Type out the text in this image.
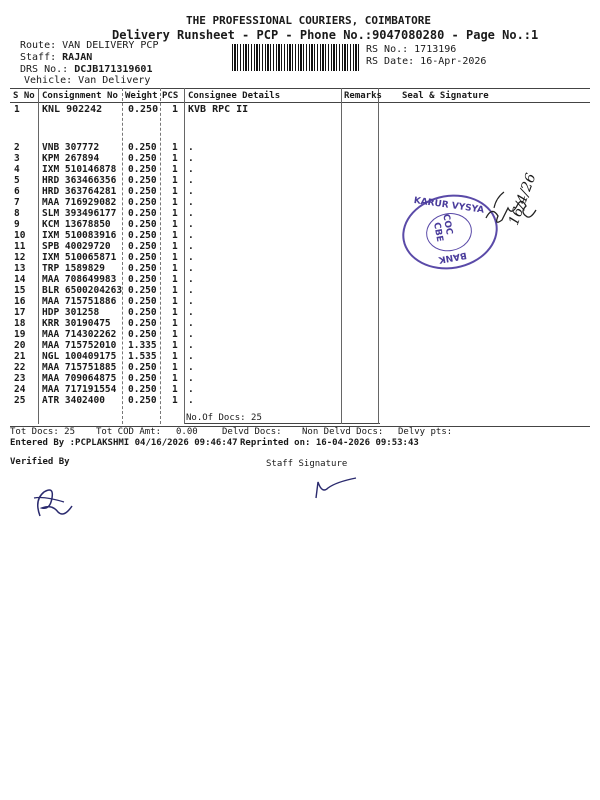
THE PROFESSIONAL COURIERS, COIMBATORE
Delivery Runsheet - PCP - Phone No.:9047080280 - Page No.:1
Route: VAN DELIVERY PCP
Staff: RAJAN
DRS No.: DCJB171319601
Vehicle: Van Delivery
RS No.: 1713196
RS Date: 16-Apr-2026
S No Consignment No Weight PCS Consignee Details	Remarks Seal & Signature
1 KNL 902242	0.250 1 KVB RPC II
2 VNB 307772	0.250 1 .
3 KPM 267894	0.250 1 .
4 IXM 510146878 0.250 1 .
5 HRD 363466356 0.250 1 .
6 HRD 363764281 0.250 1 .
7 MAA 716929082 0.250 1 .
8 SLM 393496177 0.250 1 .
9 KCM 13678850 0.250 1 .
10 IXM 510083916 0.250 1 .
11 SPB 40029720 0.250 1 .
12 IXM 510065871 0.250 1 .
13 TRP 1589829 0.250 1 .
14 MAA 708649983 0.250 1 .
15 BLR 6500204263 0.250 1 .
16 MAA 715751886 0.250 1 .
17 HDP 301258	0.250 1 .
18 KRR 30190475 0.250 1 .
19 MAA 714302262 0.250 1 .
20 MAA 715752010 1.335 1 .
21 NGL 100409175 1.535 1 .
22 MAA 715751885 0.250 1 .
23 MAA 709064875 0.250 1 .
24 MAA 717191554 0.250 1 .
25 ATR 3402400 0.250 1 .
No.Of Docs: 25
KARUR VYSYA
BANK
COC
CBE
16/4/26
Tot Docs: 25 Tot COD Amt: 0.00	Delvd Docs: Non Delvd Docs: Delvy pts:
Entered By :PCPLAKSHMI 04/16/2026 09:46:47 Reprinted on: 16-04-2026 09:53:43
Verified By	Staff Signature
